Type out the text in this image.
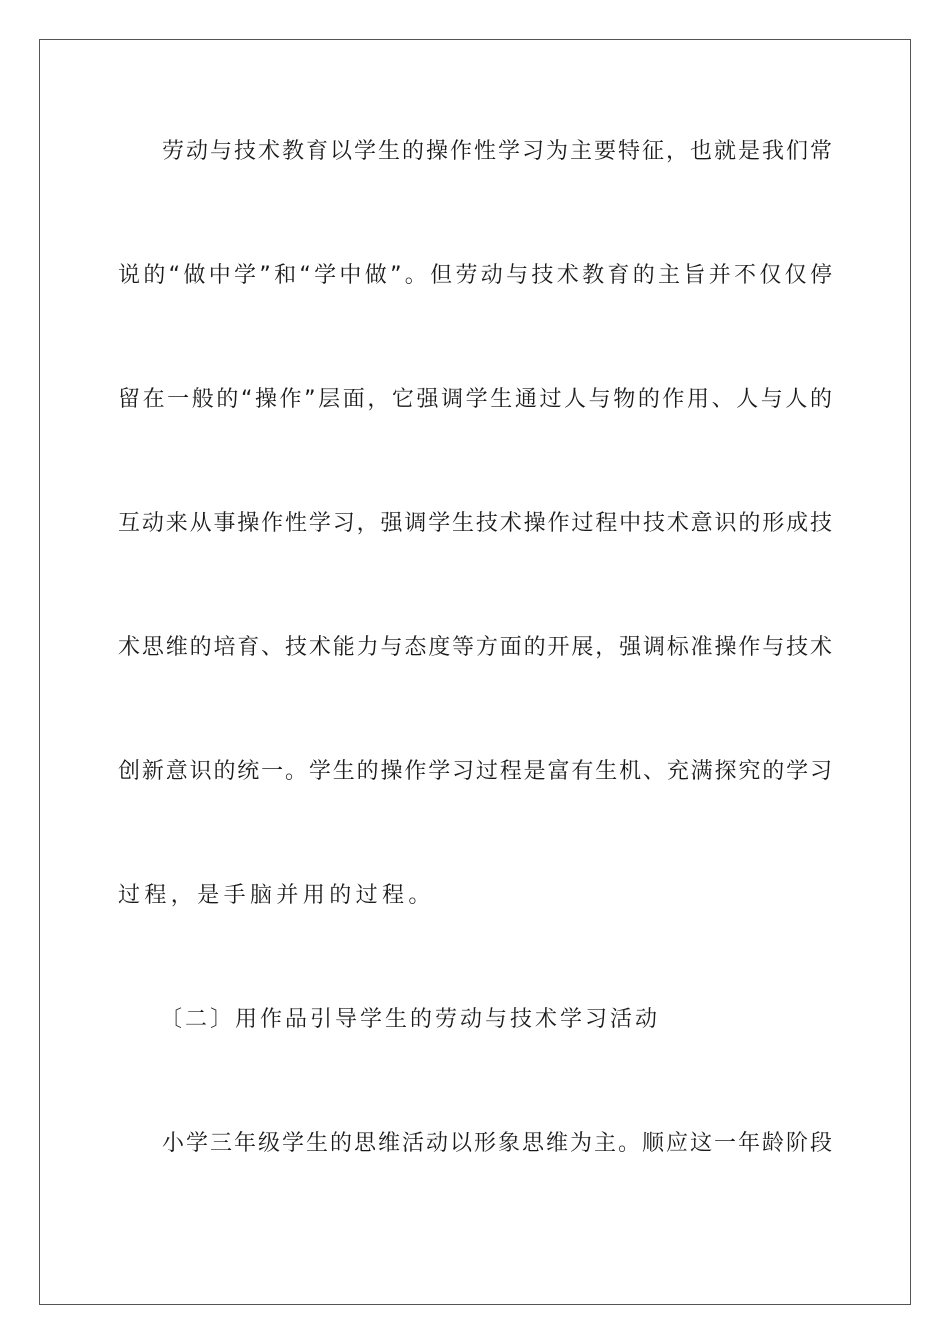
劳动与技术教育以学生的操作性学习为主要特征，也就是我们常
说的“做中学”和“学中做”。但劳动与技术教育的主旨并不仅仅停
留在一般的“操作”层面，它强调学生通过人与物的作用、人与人的
互动来从事操作性学习，强调学生技术操作过程中技术意识的形成技
术思维的培育、技术能力与态度等方面的开展，强调标准操作与技术
创新意识的统一。学生的操作学习过程是富有生机、充满探究的学习
过程，是手脑并用的过程。
〔二〕用作品引导学生的劳动与技术学习活动
小学三年级学生的思维活动以形象思维为主。顺应这一年龄阶段
